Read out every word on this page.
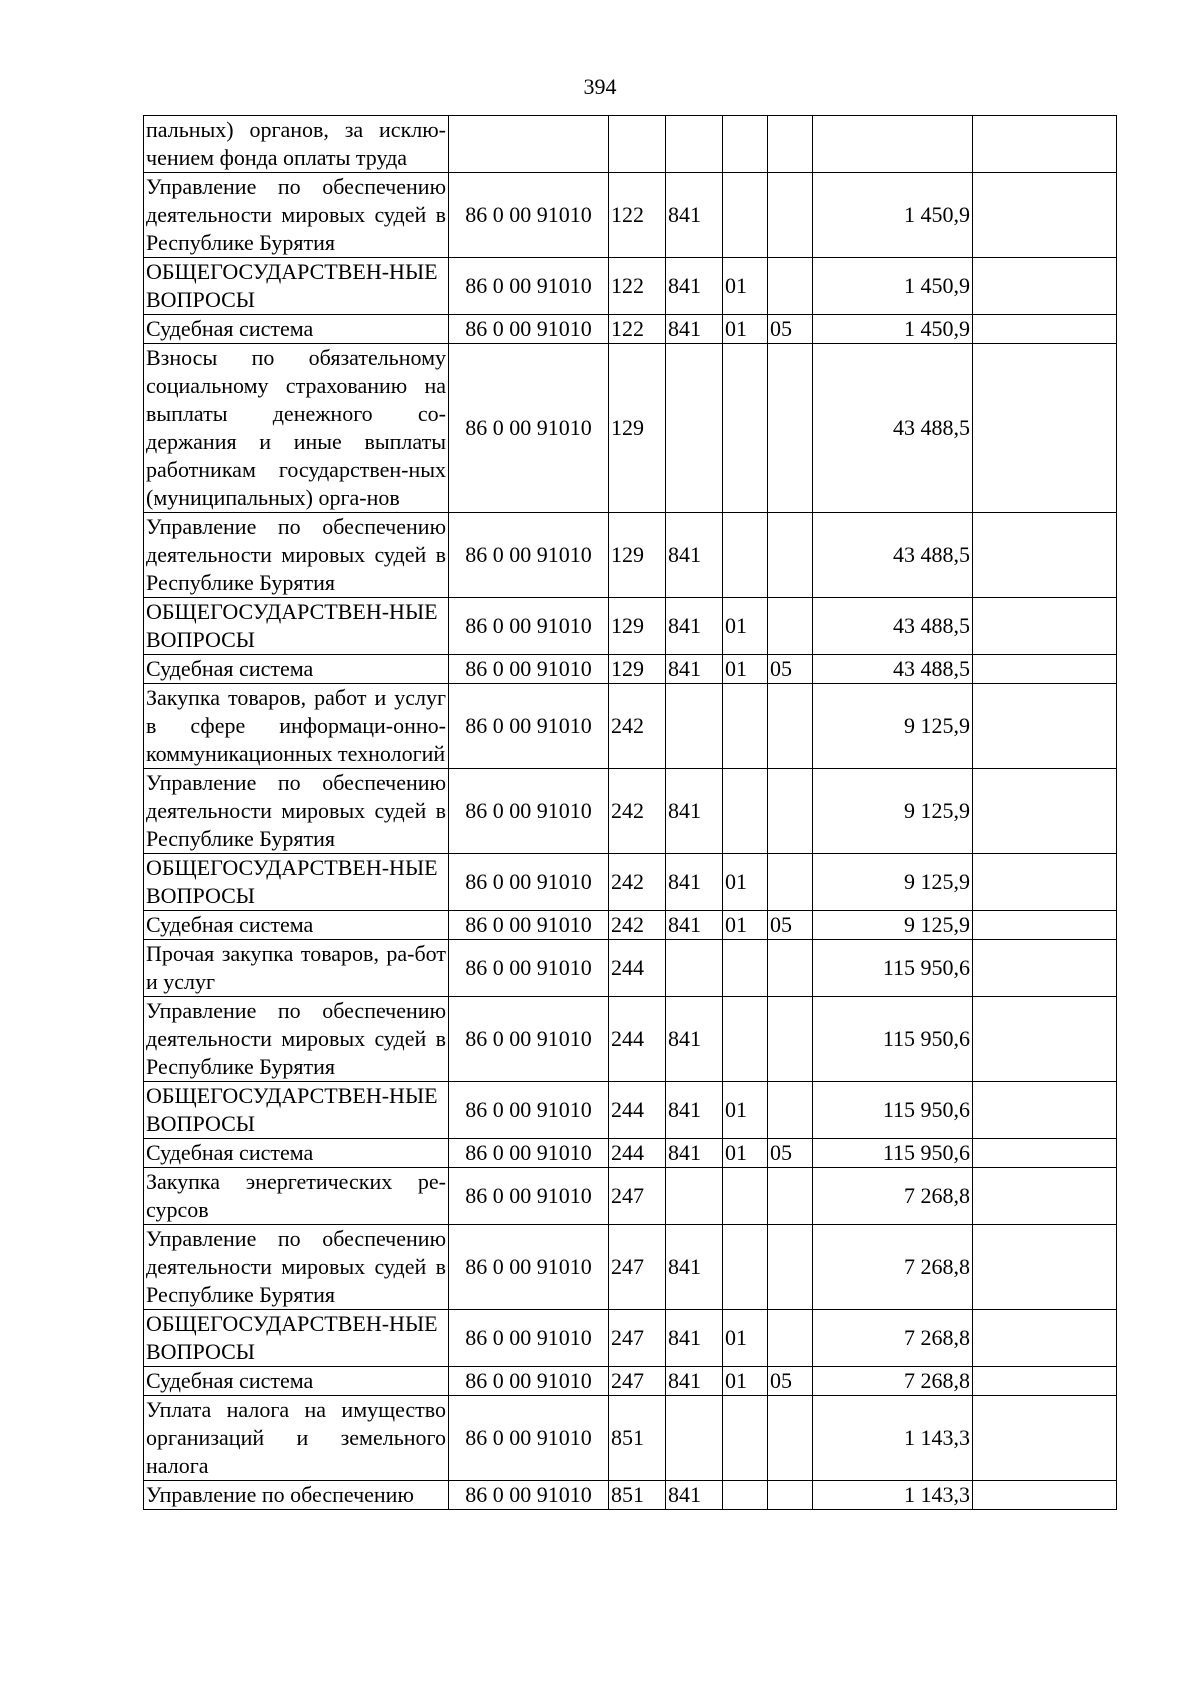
394
пальных) органов, за исклю-чением фонда оплаты труда							
Управление по обеспечению деятельности мировых судей в Республике Бурятия	86 0 00 91010	122	841			1 450,9	
ОБЩЕГОСУДАРСТВЕН-НЫЕ ВОПРОСЫ	86 0 00 91010	122	841	01		1 450,9	
Судебная система	86 0 00 91010	122	841	01	05	1 450,9	
Взносы по обязательному социальному страхованию на выплаты денежного со-держания и иные выплаты работникам государствен-ных (муниципальных) орга-нов	86 0 00 91010	129				43 488,5	
Управление по обеспечению деятельности мировых судей в Республике Бурятия	86 0 00 91010	129	841			43 488,5	
ОБЩЕГОСУДАРСТВЕН-НЫЕ ВОПРОСЫ	86 0 00 91010	129	841	01		43 488,5	
Судебная система	86 0 00 91010	129	841	01	05	43 488,5	
Закупка товаров, работ и услуг в сфере информаци-онно-коммуникационных технологий	86 0 00 91010	242				9 125,9	
Управление по обеспечению деятельности мировых судей в Республике Бурятия	86 0 00 91010	242	841			9 125,9	
ОБЩЕГОСУДАРСТВЕН-НЫЕ ВОПРОСЫ	86 0 00 91010	242	841	01		9 125,9	
Судебная система	86 0 00 91010	242	841	01	05	9 125,9	
Прочая закупка товаров, ра-бот и услуг	86 0 00 91010	244				115 950,6	
Управление по обеспечению деятельности мировых судей в Республике Бурятия	86 0 00 91010	244	841			115 950,6	
ОБЩЕГОСУДАРСТВЕН-НЫЕ ВОПРОСЫ	86 0 00 91010	244	841	01		115 950,6	
Судебная система	86 0 00 91010	244	841	01	05	115 950,6	
Закупка энергетических ре-сурсов	86 0 00 91010	247				7 268,8	
Управление по обеспечению деятельности мировых судей в Республике Бурятия	86 0 00 91010	247	841			7 268,8	
ОБЩЕГОСУДАРСТВЕН-НЫЕ ВОПРОСЫ	86 0 00 91010	247	841	01		7 268,8	
Судебная система	86 0 00 91010	247	841	01	05	7 268,8	
Уплата налога на имущество организаций и земельного налога	86 0 00 91010	851				1 143,3	
Управление по обеспечению	86 0 00 91010	851	841			1 143,3	
